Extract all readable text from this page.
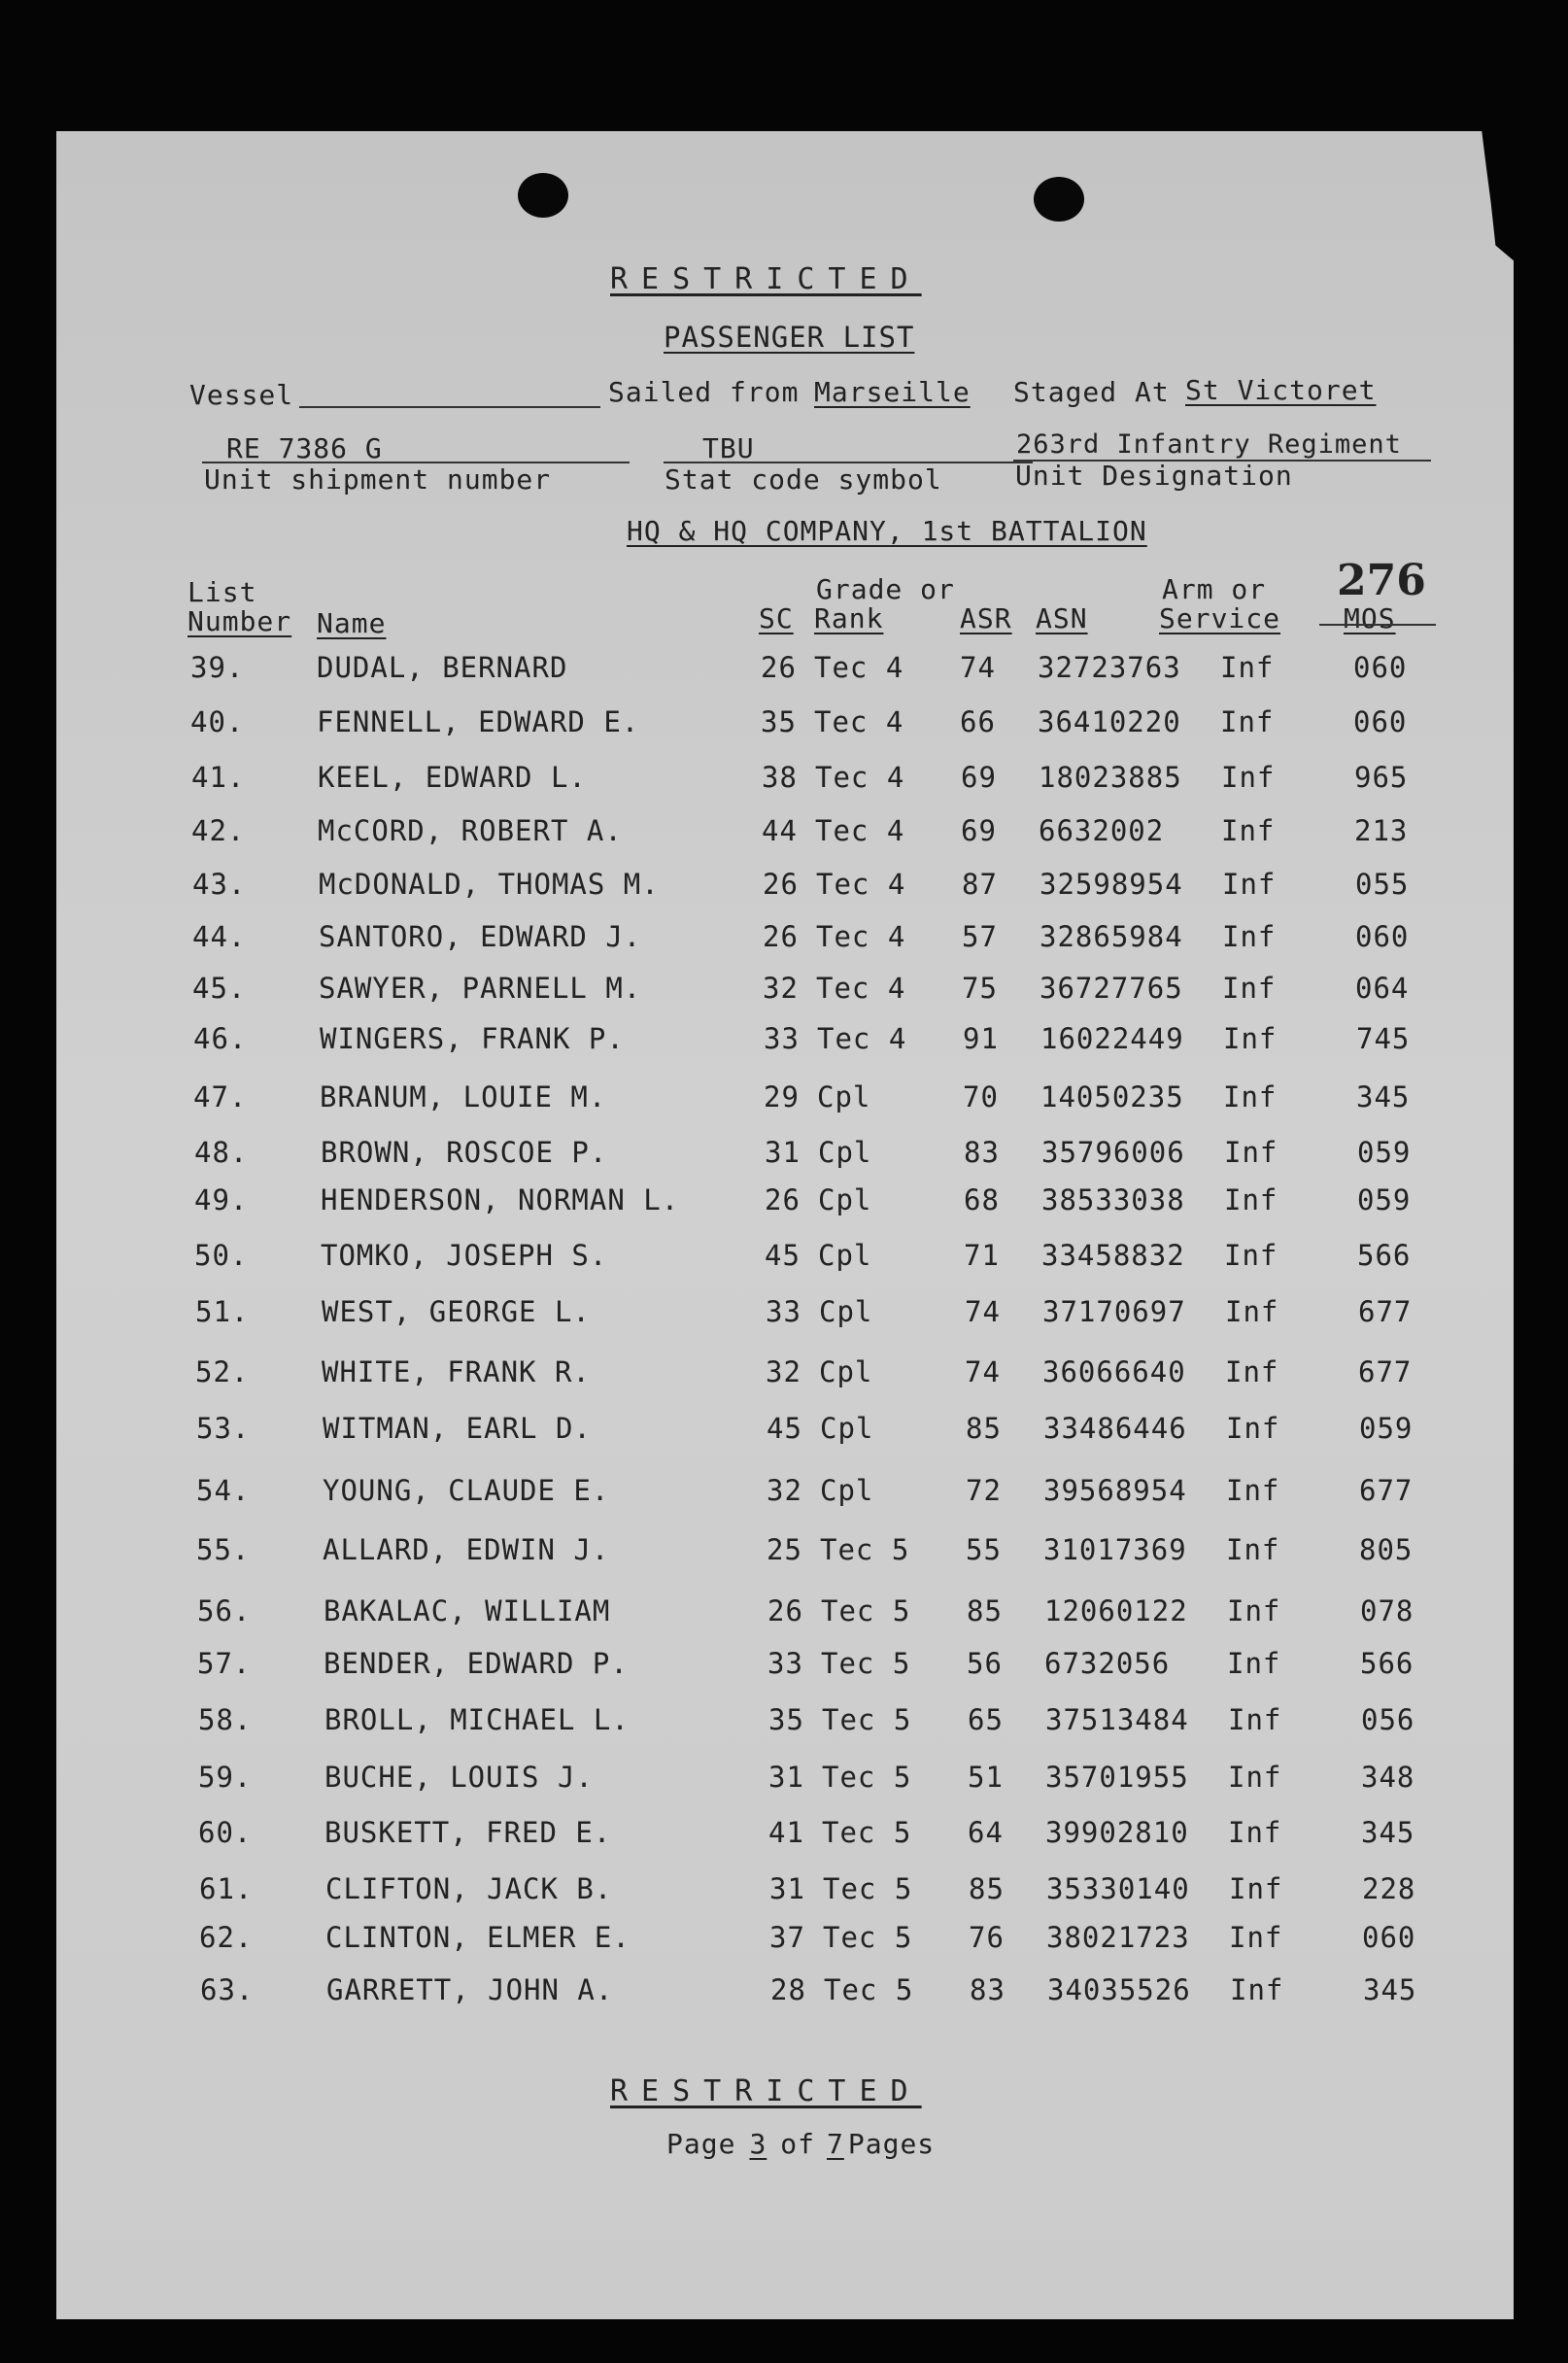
RESTRICTED
PASSENGER LIST
Vessel	Sailed from Marseille Staged At St Victoret
RE 7386 G
Unit shipment number
TBU
Stat code symbol
263rd Infantry Regiment
Unit Designation
HQ & HQ COMPANY, 1st BATTALION
List
Number Name
Grade or
SC Rank	ASR ASN
Arm or
Service
276
MOS
39.	DUDAL, BERNARD	26 Tec 4 74 32723763 Inf	060
40.	FENNELL, EDWARD E.	35 Tec 4 66 36410220 Inf	060
41.	KEEL, EDWARD L.	38 Tec 4 69 18023885 Inf	965
42.	McCORD, ROBERT A.	44 Tec 4 69 6632002 Inf	213
43.	McDONALD, THOMAS M.	26 Tec 4 87 32598954 Inf	055
44.	SANTORO, EDWARD J.	26 Tec 4 57 32865984 Inf	060
45.	SAWYER, PARNELL M.	32 Tec 4 75 36727765 Inf	064
46.	WINGERS, FRANK P.	33 Tec 4 91 16022449 Inf	745
47.	BRANUM, LOUIE M.	29 Cpl	70 14050235 Inf	345
48.	BROWN, ROSCOE P.	31 Cpl	83 35796006 Inf	059
49.	HENDERSON, NORMAN L.	26 Cpl	68 38533038 Inf	059
50.	TOMKO, JOSEPH S.	45 Cpl	71 33458832 Inf	566
51.	WEST, GEORGE L.	33 Cpl	74 37170697 Inf	677
52.	WHITE, FRANK R.	32 Cpl	74 36066640 Inf	677
53.	WITMAN, EARL D.	45 Cpl	85 33486446 Inf	059
54.	YOUNG, CLAUDE E.	32 Cpl	72 39568954 Inf	677
55.	ALLARD, EDWIN J.	25 Tec 5 55 31017369 Inf	805
56.	BAKALAC, WILLIAM	26 Tec 5 85 12060122 Inf	078
57.	BENDER, EDWARD P.	33 Tec 5 56 6732056 Inf	566
58.	BROLL, MICHAEL L.	35 Tec 5 65 37513484 Inf	056
59.	BUCHE, LOUIS J.	31 Tec 5 51 35701955 Inf	348
60.	BUSKETT, FRED E.	41 Tec 5 64 39902810 Inf	345
61.	CLIFTON, JACK B.	31 Tec 5 85 35330140 Inf	228
62.	CLINTON, ELMER E.	37 Tec 5 76 38021723 Inf	060
63.	GARRETT, JOHN A.	28 Tec 5 83 34035526 Inf	345
RESTRICTED
Page 3 of 7 Pages
